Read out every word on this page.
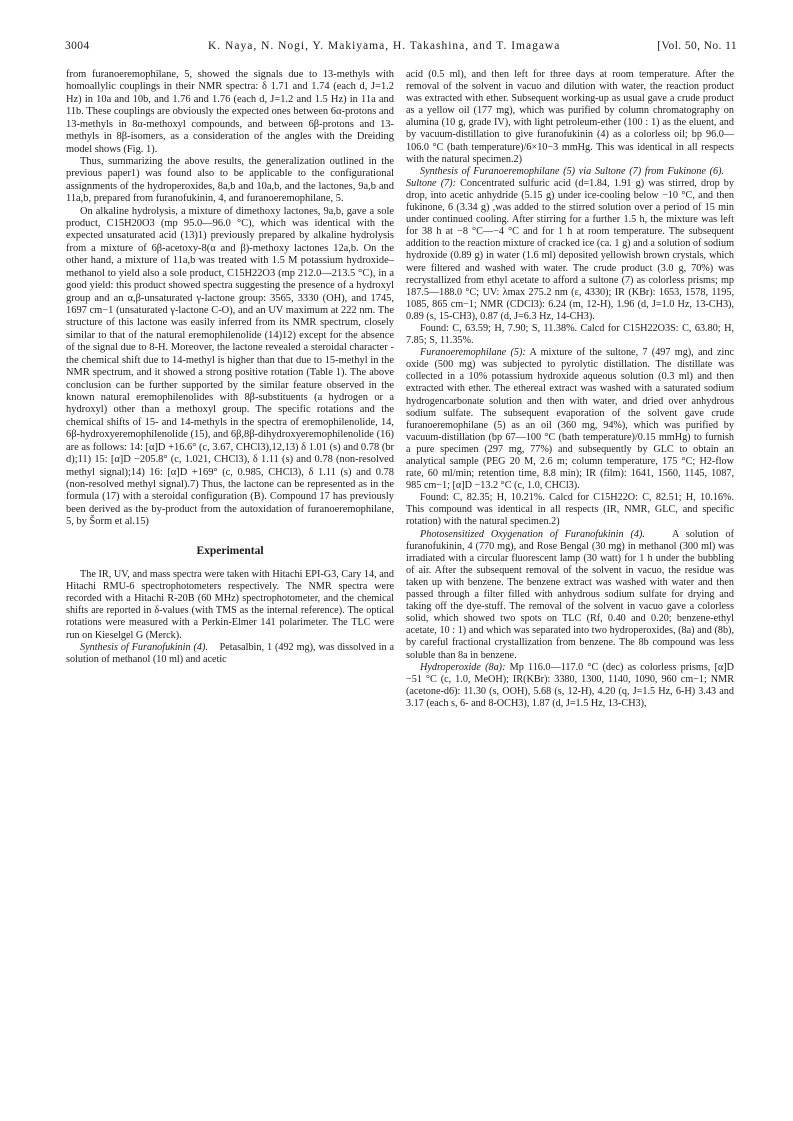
3004	K. Naya, N. Nogi, Y. Makiyama, H. Takashina, and T. Imagawa	[Vol. 50, No. 11

from furanoeremophilane, 5, showed the signals due to 13-methyls with homoallylic couplings in their NMR spectra: δ 1.71 and 1.74 (each d, J=1.2 Hz) in 10a and 10b, and 1.76 and 1.76 (each d, J=1.2 and 1.5 Hz) in 11a and 11b. These couplings are obviously the expected ones between 6α-protons and 13-methyls in 8α-methoxyl compounds, and between 6β-protons and 13-methyls in 8β-isomers, as a consideration of the angles with the Dreiding model shows (Fig. 1).

Thus, summarizing the above results, the generalization outlined in the previous paper1) was found also to be applicable to the configurational assignments of the hydroperoxides, 8a,b and 10a,b, and the lactones, 9a,b and 11a,b, prepared from furanofukinin, 4, and furanoeremophilane, 5.

On alkaline hydrolysis, a mixture of dimethoxy lactones, 9a,b, gave a sole product, C15H20O3 (mp 95.0—96.0 °C), which was identical with the expected unsaturated acid (13)1) previously prepared by alkaline hydrolysis from a mixture of 6β-acetoxy-8(α and β)-methoxy lactones 12a,b. On the other hand, a mixture of 11a,b was treated with 1.5 M potassium hydroxide–methanol to yield also a sole product, C15H22O3 (mp 212.0—213.5 °C), in a good yield: this product showed spectra suggesting the presence of a hydroxyl group and an α,β-unsaturated γ-lactone group: 3565, 3330 (OH), and 1745, 1697 cm−1 (unsaturated γ-lactone C-O), and an UV maximum at 222 nm. The structure of this lactone was easily inferred from its NMR spectrum, closely similar to that of the natural eremophilenolide (14)12) except for the absence of the signal due to 8-H. Moreover, the lactone revealed a steroidal character - the chemical shift due to 14-methyl is higher than that due to 15-methyl in the NMR spectrum, and it showed a strong positive rotation (Table 1). The above conclusion can be further supported by the similar feature observed in the known natural eremophilenolides with 8β-substituents (a hydrogen or a hydroxyl) other than a methoxyl group. The specific rotations and the chemical shifts of 15- and 14-methyls in the spectra of eremophilenolide, 14, 6β-hydroxyeremophilenolide (15), and 6β,8β-dihydroxyeremophilenolide (16) are as follows: 14: [α]D +16.6° (c, 3.67, CHCl3),12,13) δ 1.01 (s) and 0.78 (br d);11) 15: [α]D −205.8° (c, 1.021, CHCl3), δ 1.11 (s) and 0.78 (non-resolved methyl signal);14) 16: [α]D +169° (c, 0.985, CHCl3), δ 1.11 (s) and 0.78 (non-resolved methyl signal).7) Thus, the lactone can be represented as in the formula (17) with a steroidal configuration (B). Compound 17 has previously been derived as the by-product from the autoxidation of furanoeremophilane, 5, by Šorm et al.15)

Experimental

The IR, UV, and mass spectra were taken with Hitachi EPI-G3, Cary 14, and Hitachi RMU-6 spectrophotometers respectively. The NMR spectra were recorded with a Hitachi R-20B (60 MHz) spectrophotometer, and the chemical shifts are reported in δ-values (with TMS as the internal reference). The optical rotations were measured with a Perkin-Elmer 141 polarimeter. The TLC were run on Kieselgel G (Merck).

Synthesis of Furanofukinin (4). Petasalbin, 1 (492 mg), was dissolved in a solution of methanol (10 ml) and acetic

acid (0.5 ml), and then left for three days at room temperature. After the removal of the solvent in vacuo and dilution with water, the reaction product was extracted with ether. Subsequent working-up as usual gave a crude product as a yellow oil (177 mg), which was purified by column chromatography on alumina (10 g, grade IV), with light petroleum-ether (100 : 1) as the eluent, and by vacuum-distillation to give furanofukinin (4) as a colorless oil; bp 96.0—106.0 °C (bath temperature)/6×10−3 mmHg. This was identical in all respects with the natural specimen.2)

Synthesis of Furanoeremophilane (5) via Sultone (7) from Fukinone (6).    Sultone (7): Concentrated sulfuric acid (d=1.84, 1.91 g) was stirred, drop by drop, into acetic anhydride (5.15 g) under ice-cooling below −10 °C, and then fukinone, 6 (3.34 g) ,was added to the stirred solution over a period of 15 min under continued cooling. After stirring for a further 1.5 h, the mixture was left for 38 h at −8 °C—−4 °C and for 1 h at room temperature. The subsequent addition to the reaction mixture of cracked ice (ca. 1 g) and a solution of sodium hydroxide (0.89 g) in water (1.6 ml) deposited yellowish brown crystals, which were filtered and washed with water. The crude product (3.0 g, 70%) was recrystallized from ethyl acetate to afford a sultone (7) as colorless prisms; mp 187.5—188.0 °C; UV: λmax 275.2 nm (ε, 4330); IR (KBr): 1653, 1578, 1195, 1085, 865 cm−1; NMR (CDCl3): 6.24 (m, 12-H), 1.96 (d, J=1.0 Hz, 13-CH3), 0.89 (s, 15-CH3), 0.87 (d, J=6.3 Hz, 14-CH3).

Found: C, 63.59; H, 7.90; S, 11.38%. Calcd for C15H22O3S: C, 63.80; H, 7.85; S, 11.35%.

Furanoeremophilane (5): A mixture of the sultone, 7 (497 mg), and zinc oxide (500 mg) was subjected to pyrolytic distillation. The distillate was collected in a 10% potassium hydroxide aqueous solution (0.3 ml) and then extracted with ether. The ethereal extract was washed with a saturated sodium hydrogencarbonate solution and then with water, and dried over anhydrous sodium sulfate. The subsequent evaporation of the solvent gave crude furanoeremophilane (5) as an oil (360 mg, 94%), which was purified by vacuum-distillation (bp 67—100 °C (bath temperature)/0.15 mmHg) to furnish a pure specimen (297 mg, 77%) and subsequently by GLC to obtain an analytical sample (PEG 20 M, 2.6 m; column temperature, 175 °C; H2-flow rate, 60 ml/min; retention time, 8.8 min); IR (film): 1641, 1560, 1145, 1087, 985 cm−1; [α]D −13.2 °C (c, 1.0, CHCl3).

Found: C, 82.35; H, 10.21%. Calcd for C15H22O: C, 82.51; H, 10.16%. This compound was identical in all respects (IR, NMR, GLC, and specific rotation) with the natural specimen.2)

Photosensitized Oxygenation of Furanofukinin (4).	A solution of furanofukinin, 4 (770 mg), and Rose Bengal (30 mg) in methanol (300 ml) was irradiated with a circular fluorescent lamp (30 watt) for 1 h under the bubbling of air. After the subsequent removal of the solvent in vacuo, the residue was taken up with benzene. The benzene extract was washed with water and then passed through a filter filled with anhydrous sodium sulfate for drying and taking off the dye-stuff. The removal of the solvent in vacuo gave a colorless solid, which showed two spots on TLC (Rf, 0.40 and 0.20; benzene-ethyl acetate, 10 : 1) and which was separated into two hydroperoxides, (8a) and (8b), by careful fractional crystallization from benzene. The 8b compound was less soluble than 8a in benzene.

Hydroperoxide (8a): Mp 116.0—117.0 °C (dec) as colorless prisms, [α]D −51 °C (c, 1.0, MeOH); IR(KBr): 3380, 1300, 1140, 1090, 960 cm−1; NMR (acetone-d6): 11.30 (s, OOH), 5.68 (s, 12-H), 4.20 (q, J=1.5 Hz, 6-H) 3.43 and 3.17 (each s, 6- and 8-OCH3), 1.87 (d, J=1.5 Hz, 13-CH3),
